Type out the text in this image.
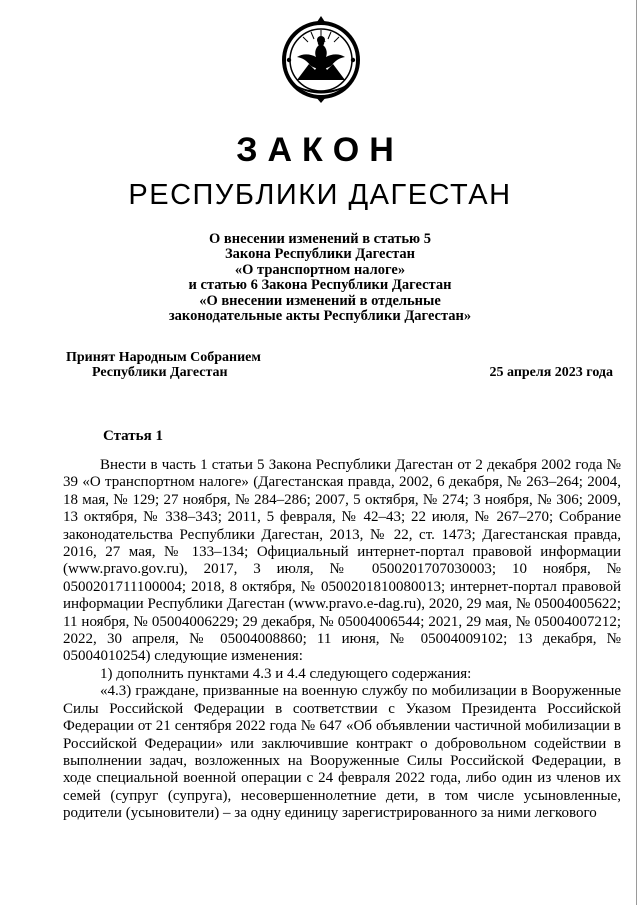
ЗАКОН
РЕСПУБЛИКИ ДАГЕСТАН
О внесении изменений в статью 5
Закона Республики Дагестан
«О транспортном налоге»
и статью 6 Закона Республики Дагестан
«О внесении изменений в отдельные
законодательные акты Республики Дагестан»
Принят Народным Собранием
Республики Дагестан	25 апреля 2023 года
Статья 1

Внести в часть 1 статьи 5 Закона Республики Дагестан от 2 декабря 2002 года № 39 «О транспортном налоге» (Дагестанская правда, 2002, 6 декабря, № 263–264; 2004, 18 мая, № 129; 27 ноября, № 284–286; 2007, 5 октября, № 274; 3 ноября, № 306; 2009, 13 октября, № 338–343; 2011, 5 февраля, № 42–43; 22 июля, № 267–270; Собрание законодательства Республики Дагестан, 2013, № 22, ст. 1473; Дагестанская правда, 2016, 27 мая, № 133–134; Официальный интернет-портал правовой информации (www.pravo.gov.ru), 2017, 3 июля, № 0500201707030003; 10 ноября, № 0500201711100004; 2018, 8 октября, № 0500201810080013; интернет-портал правовой информации Республики Дагестан (www.pravo.e-dag.ru), 2020, 29 мая, № 05004005622; 11 ноября, № 05004006229; 29 декабря, № 05004006544; 2021, 29 мая, № 05004007212; 2022, 30 апреля, № 05004008860; 11 июня, № 05004009102; 13 декабря, № 05004010254) следующие изменения:

1) дополнить пунктами 4.3 и 4.4 следующего содержания:

«4.3) граждане, призванные на военную службу по мобилизации в Вооруженные Силы Российской Федерации в соответствии с Указом Президента Российской Федерации от 21 сентября 2022 года № 647 «Об объявлении частичной мобилизации в Российской Федерации» или заключившие контракт о добровольном содействии в выполнении задач, возложенных на Вооруженные Силы Российской Федерации, в ходе специальной военной операции с 24 февраля 2022 года, либо один из членов их семей (супруг (супруга), несовершеннолетние дети, в том числе усыновленные, родители (усыновители) – за одну единицу зарегистрированного за ними легкового
